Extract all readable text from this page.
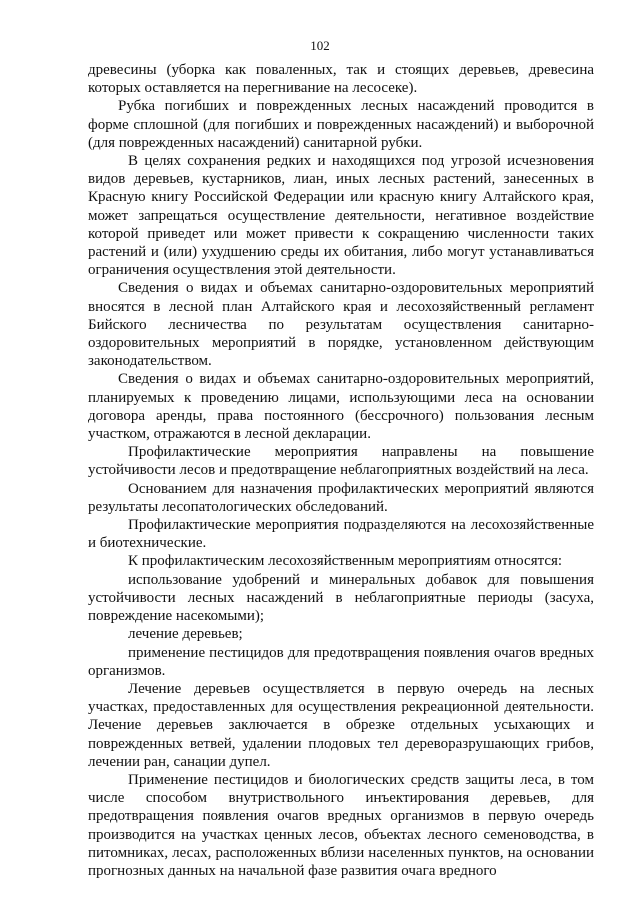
102

древесины (уборка как поваленных, так и стоящих деревьев, древесина которых оставляется на перегнивание на лесосеке).

Рубка погибших и поврежденных лесных насаждений проводится в форме сплошной (для погибших и поврежденных насаждений) и выборочной (для поврежденных насаждений) санитарной рубки.

В целях сохранения редких и находящихся под угрозой исчезновения видов деревьев, кустарников, лиан, иных лесных растений, занесенных в Красную книгу Российской Федерации или красную книгу Алтайского края, может запрещаться осуществление деятельности, негативное воздействие которой приведет или может привести к сокращению численности таких растений и (или) ухудшению среды их обитания, либо могут устанавливаться ограничения осуществления этой деятельности.

Сведения о видах и объемах санитарно-оздоровительных мероприятий вносятся в лесной план Алтайского края и лесохозяйственный регламент Бийского лесничества по результатам осуществления санитарно-оздоровительных мероприятий в порядке, установленном действующим законодательством.

Сведения о видах и объемах санитарно-оздоровительных мероприятий, планируемых к проведению лицами, использующими леса на основании договора аренды, права постоянного (бессрочного) пользования лесным участком, отражаются в лесной декларации.

Профилактические мероприятия направлены на повышение устойчивости лесов и предотвращение неблагоприятных воздействий на леса.

Основанием для назначения профилактических мероприятий являются результаты лесопатологических обследований.

Профилактические мероприятия подразделяются на лесохозяйственные и биотехнические.

К профилактическим лесохозяйственным мероприятиям относятся:

использование удобрений и минеральных добавок для повышения устойчивости лесных насаждений в неблагоприятные периоды (засуха, повреждение насекомыми);

лечение деревьев;

применение пестицидов для предотвращения появления очагов вредных организмов.

Лечение деревьев осуществляется в первую очередь на лесных участках, предоставленных для осуществления рекреационной деятельности. Лечение деревьев заключается в обрезке отдельных усыхающих и поврежденных ветвей, удалении плодовых тел дереворазрушающих грибов, лечении ран, санации дупел.

Применение пестицидов и биологических средств защиты леса, в том числе способом внутриствольного инъектирования деревьев, для предотвращения появления очагов вредных организмов в первую очередь производится на участках ценных лесов, объектах лесного семеноводства, в питомниках, лесах, расположенных вблизи населенных пунктов, на основании прогнозных данных на начальной фазе развития очага вредного
